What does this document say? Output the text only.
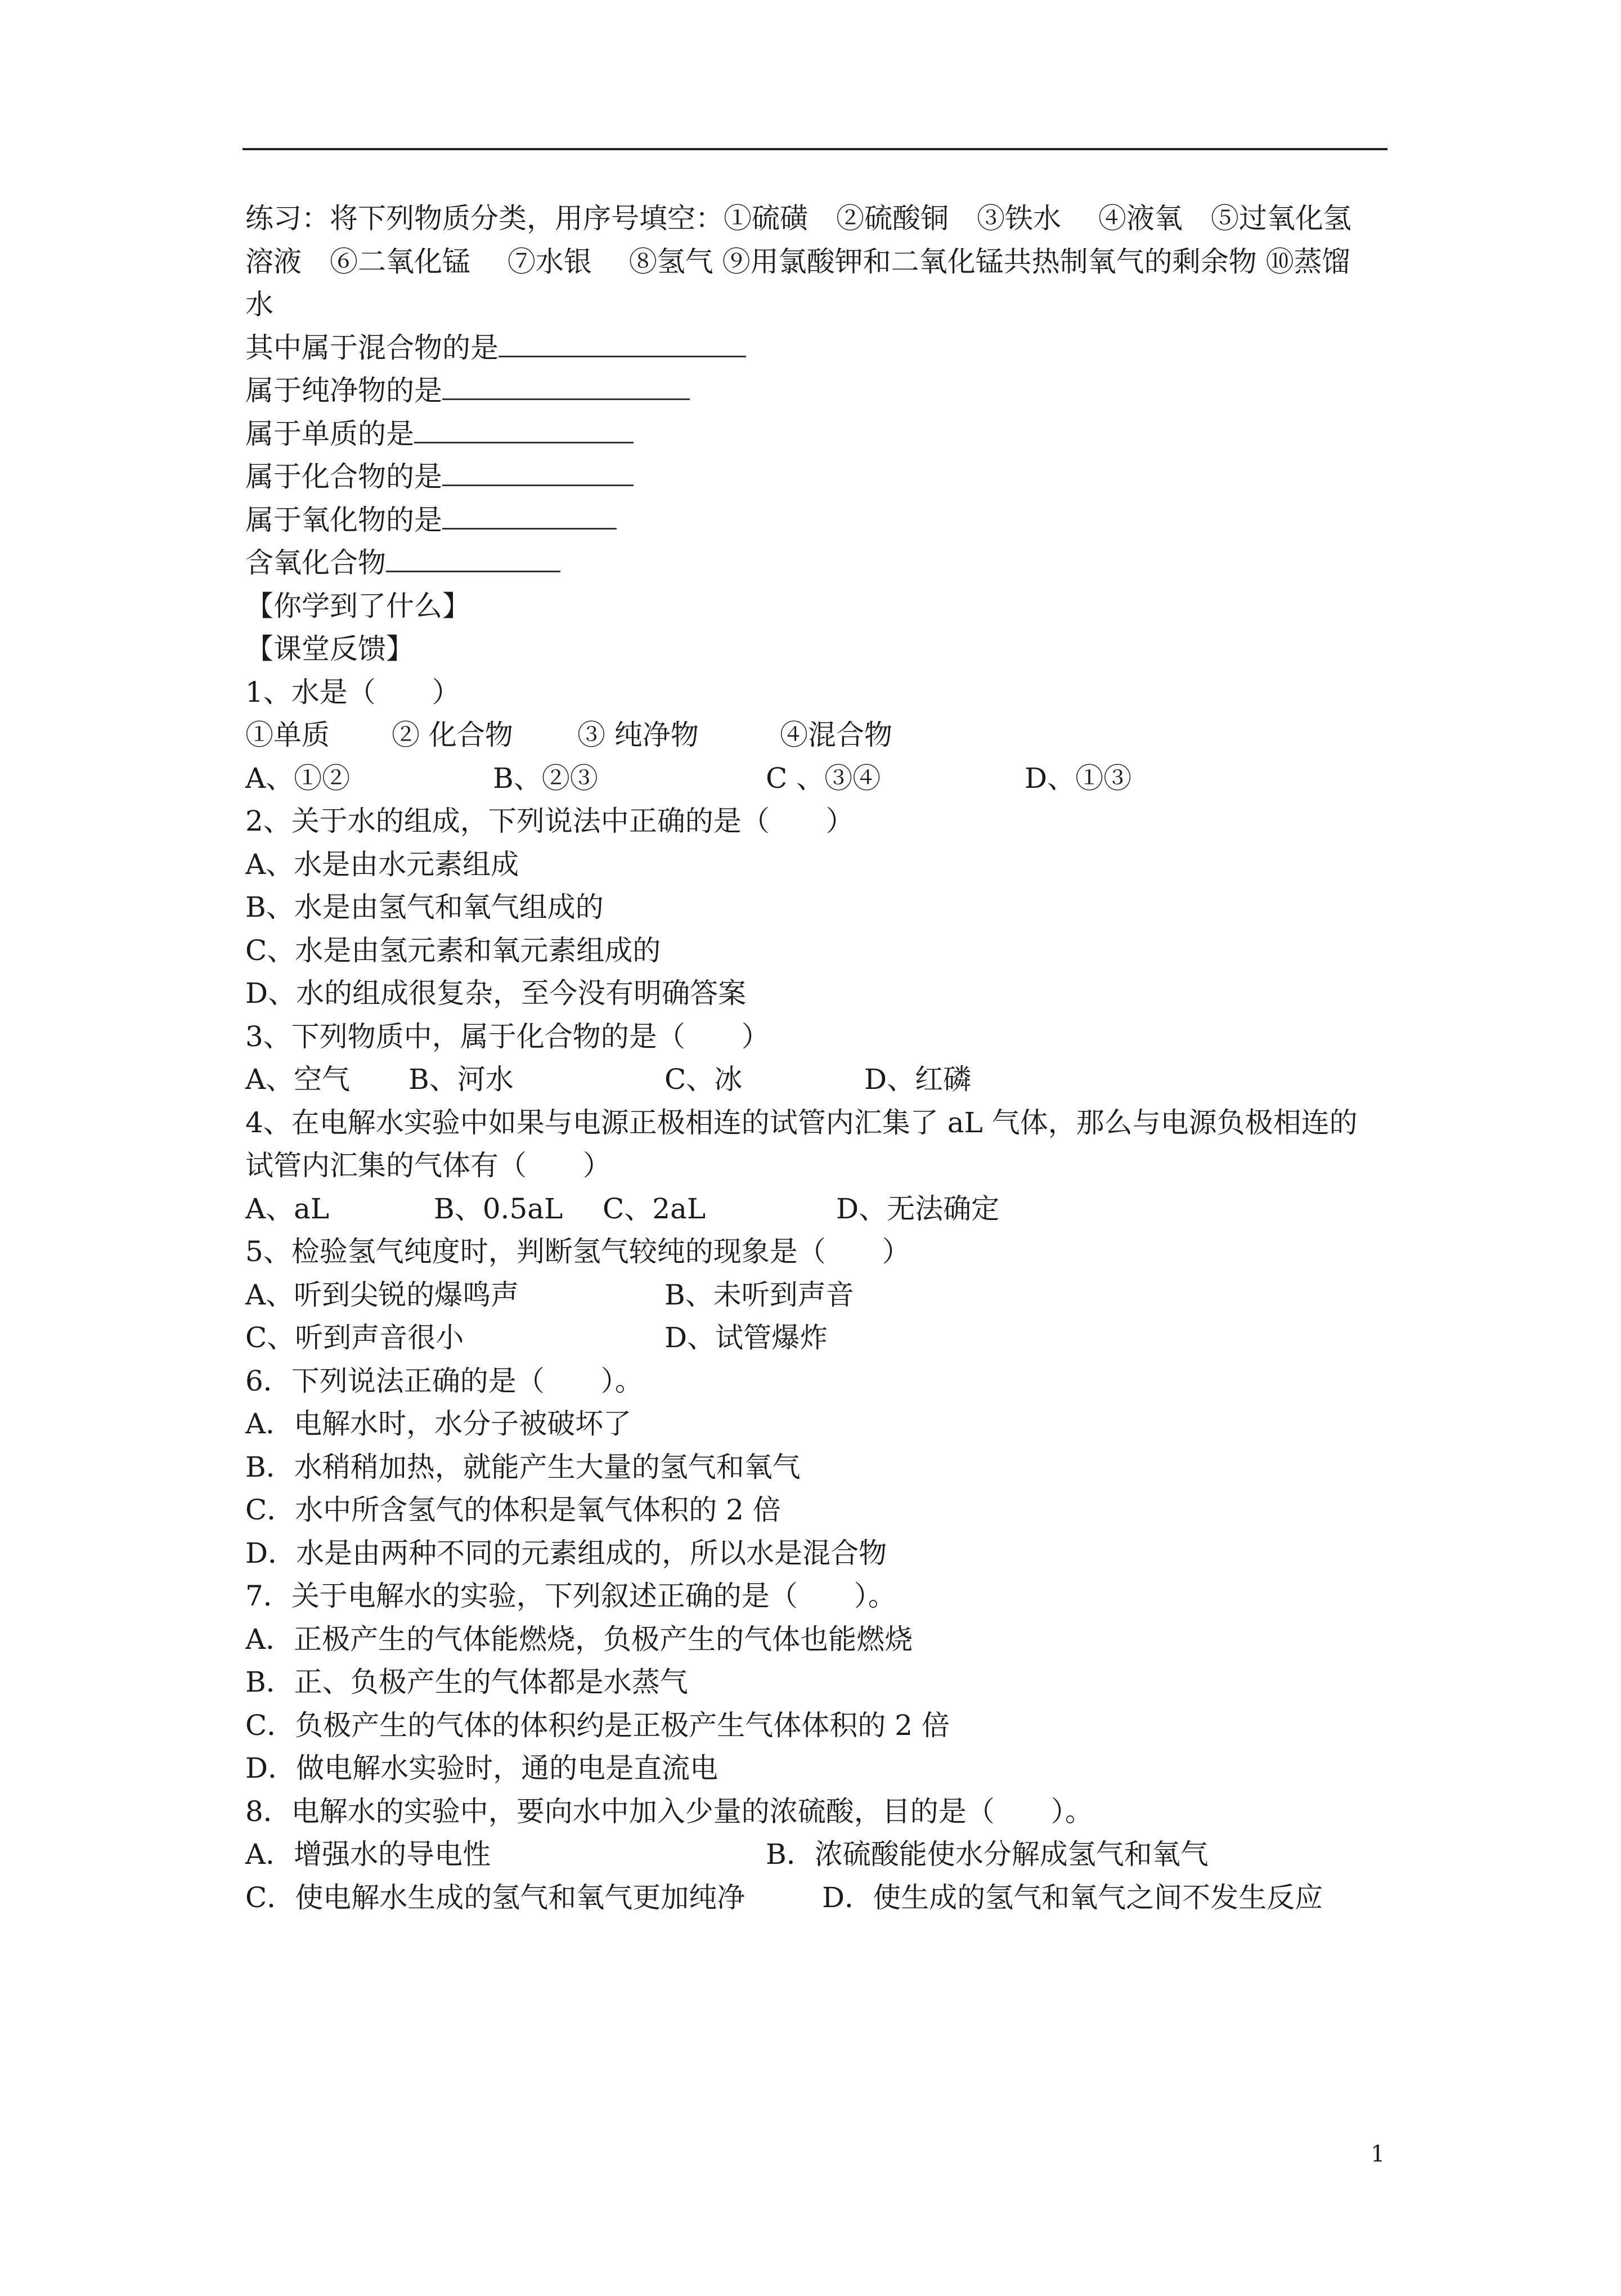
练习：将下列物质分类，用序号填空：①硫磺　②硫酸铜　③铁水　 ④液氧　⑤过氧化氢
溶液　⑥二氧化锰　 ⑦水银　 ⑧氢气 ⑨用氯酸钾和二氧化锰共热制氧气的剩余物 ⑩蒸馏
水
其中属于混合物的是
属于纯净物的是
属于单质的是
属于化合物的是
属于氧化物的是
含氧化合物
【你学到了什么】
【课堂反馈】
1、水是（　　）

①单质

② 化合物

③ 纯净物

	④混合物

A、①②

	B、②③

	C 、③④

	D、①③

2、关于水的组成，下列说法中正确的是（　　）
A、水是由水元素组成
B、水是由氢气和氧气组成的
C、水是由氢元素和氧元素组成的
D、水的组成很复杂，至今没有明确答案
3、下列物质中，属于化合物的是（　　）

A、空气

B、河水

	C、冰

	D、红磷

4、在电解水实验中如果与电源正极相连的试管内汇集了 aL 气体，那么与电源负极相连的
试管内汇集的气体有（　　）

A、aL

	B、0.5aL

C、2aL

	D、无法确定

5、检验氢气纯度时，判断氢气较纯的现象是（　　）

A、听到尖锐的爆鸣声

	B、未听到声音

C、听到声音很小

	D、试管爆炸

6．下列说法正确的是（　　）。
A．电解水时，水分子被破坏了
B．水稍稍加热，就能产生大量的氢气和氧气
C．水中所含氢气的体积是氧气体积的 2 倍
D．水是由两种不同的元素组成的，所以水是混合物
7．关于电解水的实验，下列叙述正确的是（　　）。
A．正极产生的气体能燃烧，负极产生的气体也能燃烧
B．正、负极产生的气体都是水蒸气
C．负极产生的气体的体积约是正极产生气体体积的 2 倍
D．做电解水实验时，通的电是直流电
8．电解水的实验中，要向水中加入少量的浓硫酸，目的是（　　）。

A．增强水的导电性

	B．浓硫酸能使水分解成氢气和氧气

C．使电解水生成的氢气和氧气更加纯净

	D．使生成的氢气和氧气之间不发生反应

1
